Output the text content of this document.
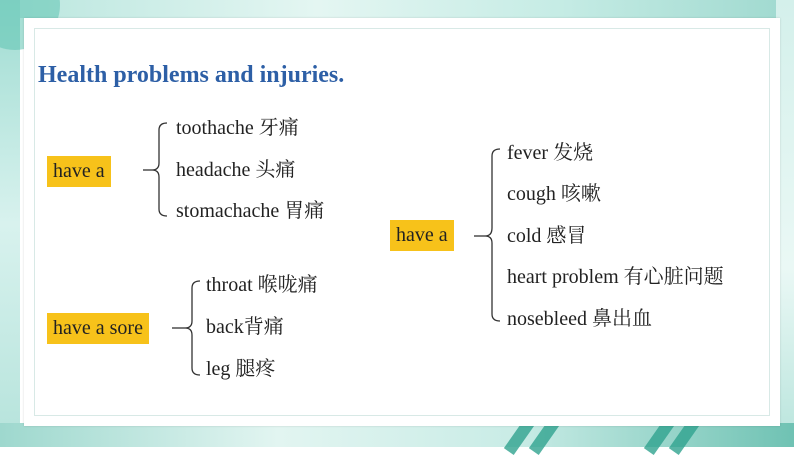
Health problems and injuries.
have a
toothache 牙痛
headache 头痛
stomachache 胃痛
have a sore
throat 喉咙痛
back背痛
leg 腿疼
have a
fever 发烧
cough 咳嗽
cold 感冒
heart problem 有心脏问题
nosebleed 鼻出血
